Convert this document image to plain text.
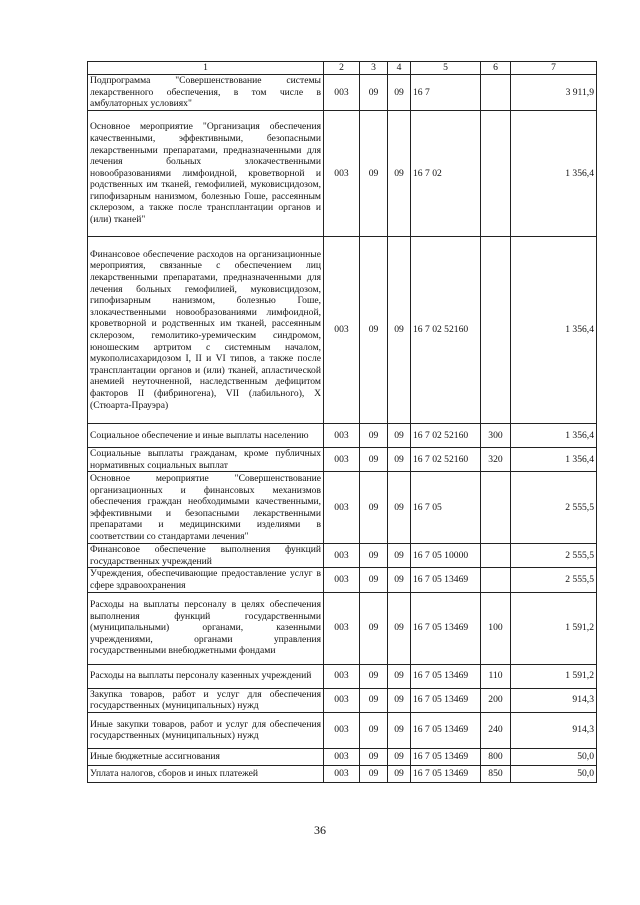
1	2	3	4	5	6	7
Подпрограмма "Совершенствование системы лекарственного обеспечения, в том числе в амбулаторных условиях"	003	09	09	16 7		3 911,9
Основное мероприятие "Организация обеспечения качественными, эффективными, безопасными лекарственными препаратами, предназначенными для лечения больных злокачественными новообразованиями лимфоидной, кроветворной и родственных им тканей, гемофилией, муковисцидозом, гипофизарным нанизмом, болезнью Гоше, рассеянным склерозом, а также после трансплантации органов и (или) тканей"	003	09	09	16 7 02		1 356,4
Финансовое обеспечение расходов на организационные мероприятия, связанные с обеспечением лиц лекарственными препаратами, предназначенными для лечения больных гемофилией, муковисцидозом, гипофизарным нанизмом, болезнью Гоше, злокачественными новообразованиями лимфоидной, кроветворной и родственных им тканей, рассеянным склерозом, гемолитико-уремическим синдромом, юношеским артритом с системным началом, мукополисахаридозом I, II и VI типов, а также после трансплантации органов и (или) тканей, апластической анемией неуточненной, наследственным дефицитом факторов II (фибриногена), VII (лабильного), X (Стюарта-Прауэра)	003	09	09	16 7 02 52160		1 356,4
Социальное обеспечение и иные выплаты населению	003	09	09	16 7 02 52160	300	1 356,4
Социальные выплаты гражданам, кроме публичных нормативных социальных выплат	003	09	09	16 7 02 52160	320	1 356,4
Основное мероприятие "Совершенствование организационных и финансовых механизмов обеспечения граждан необходимыми качественными, эффективными и безопасными лекарственными препаратами и медицинскими изделиями в соответствии со стандартами лечения"	003	09	09	16 7 05		2 555,5
Финансовое обеспечение выполнения функций государственных учреждений	003	09	09	16 7 05 10000		2 555,5
Учреждения, обеспечивающие предоставление услуг в сфере здравоохранения	003	09	09	16 7 05 13469		2 555,5
Расходы на выплаты персоналу в целях обеспечения выполнения функций государственными (муниципальными) органами, казенными учреждениями, органами управления государственными внебюджетными фондами	003	09	09	16 7 05 13469	100	1 591,2
Расходы на выплаты персоналу казенных учреждений	003	09	09	16 7 05 13469	110	1 591,2
Закупка товаров, работ и услуг для обеспечения государственных (муниципальных) нужд	003	09	09	16 7 05 13469	200	914,3
Иные закупки товаров, работ и услуг для обеспечения государственных (муниципальных) нужд	003	09	09	16 7 05 13469	240	914,3
Иные бюджетные ассигнования	003	09	09	16 7 05 13469	800	50,0
Уплата налогов, сборов и иных платежей	003	09	09	16 7 05 13469	850	50,0
36
